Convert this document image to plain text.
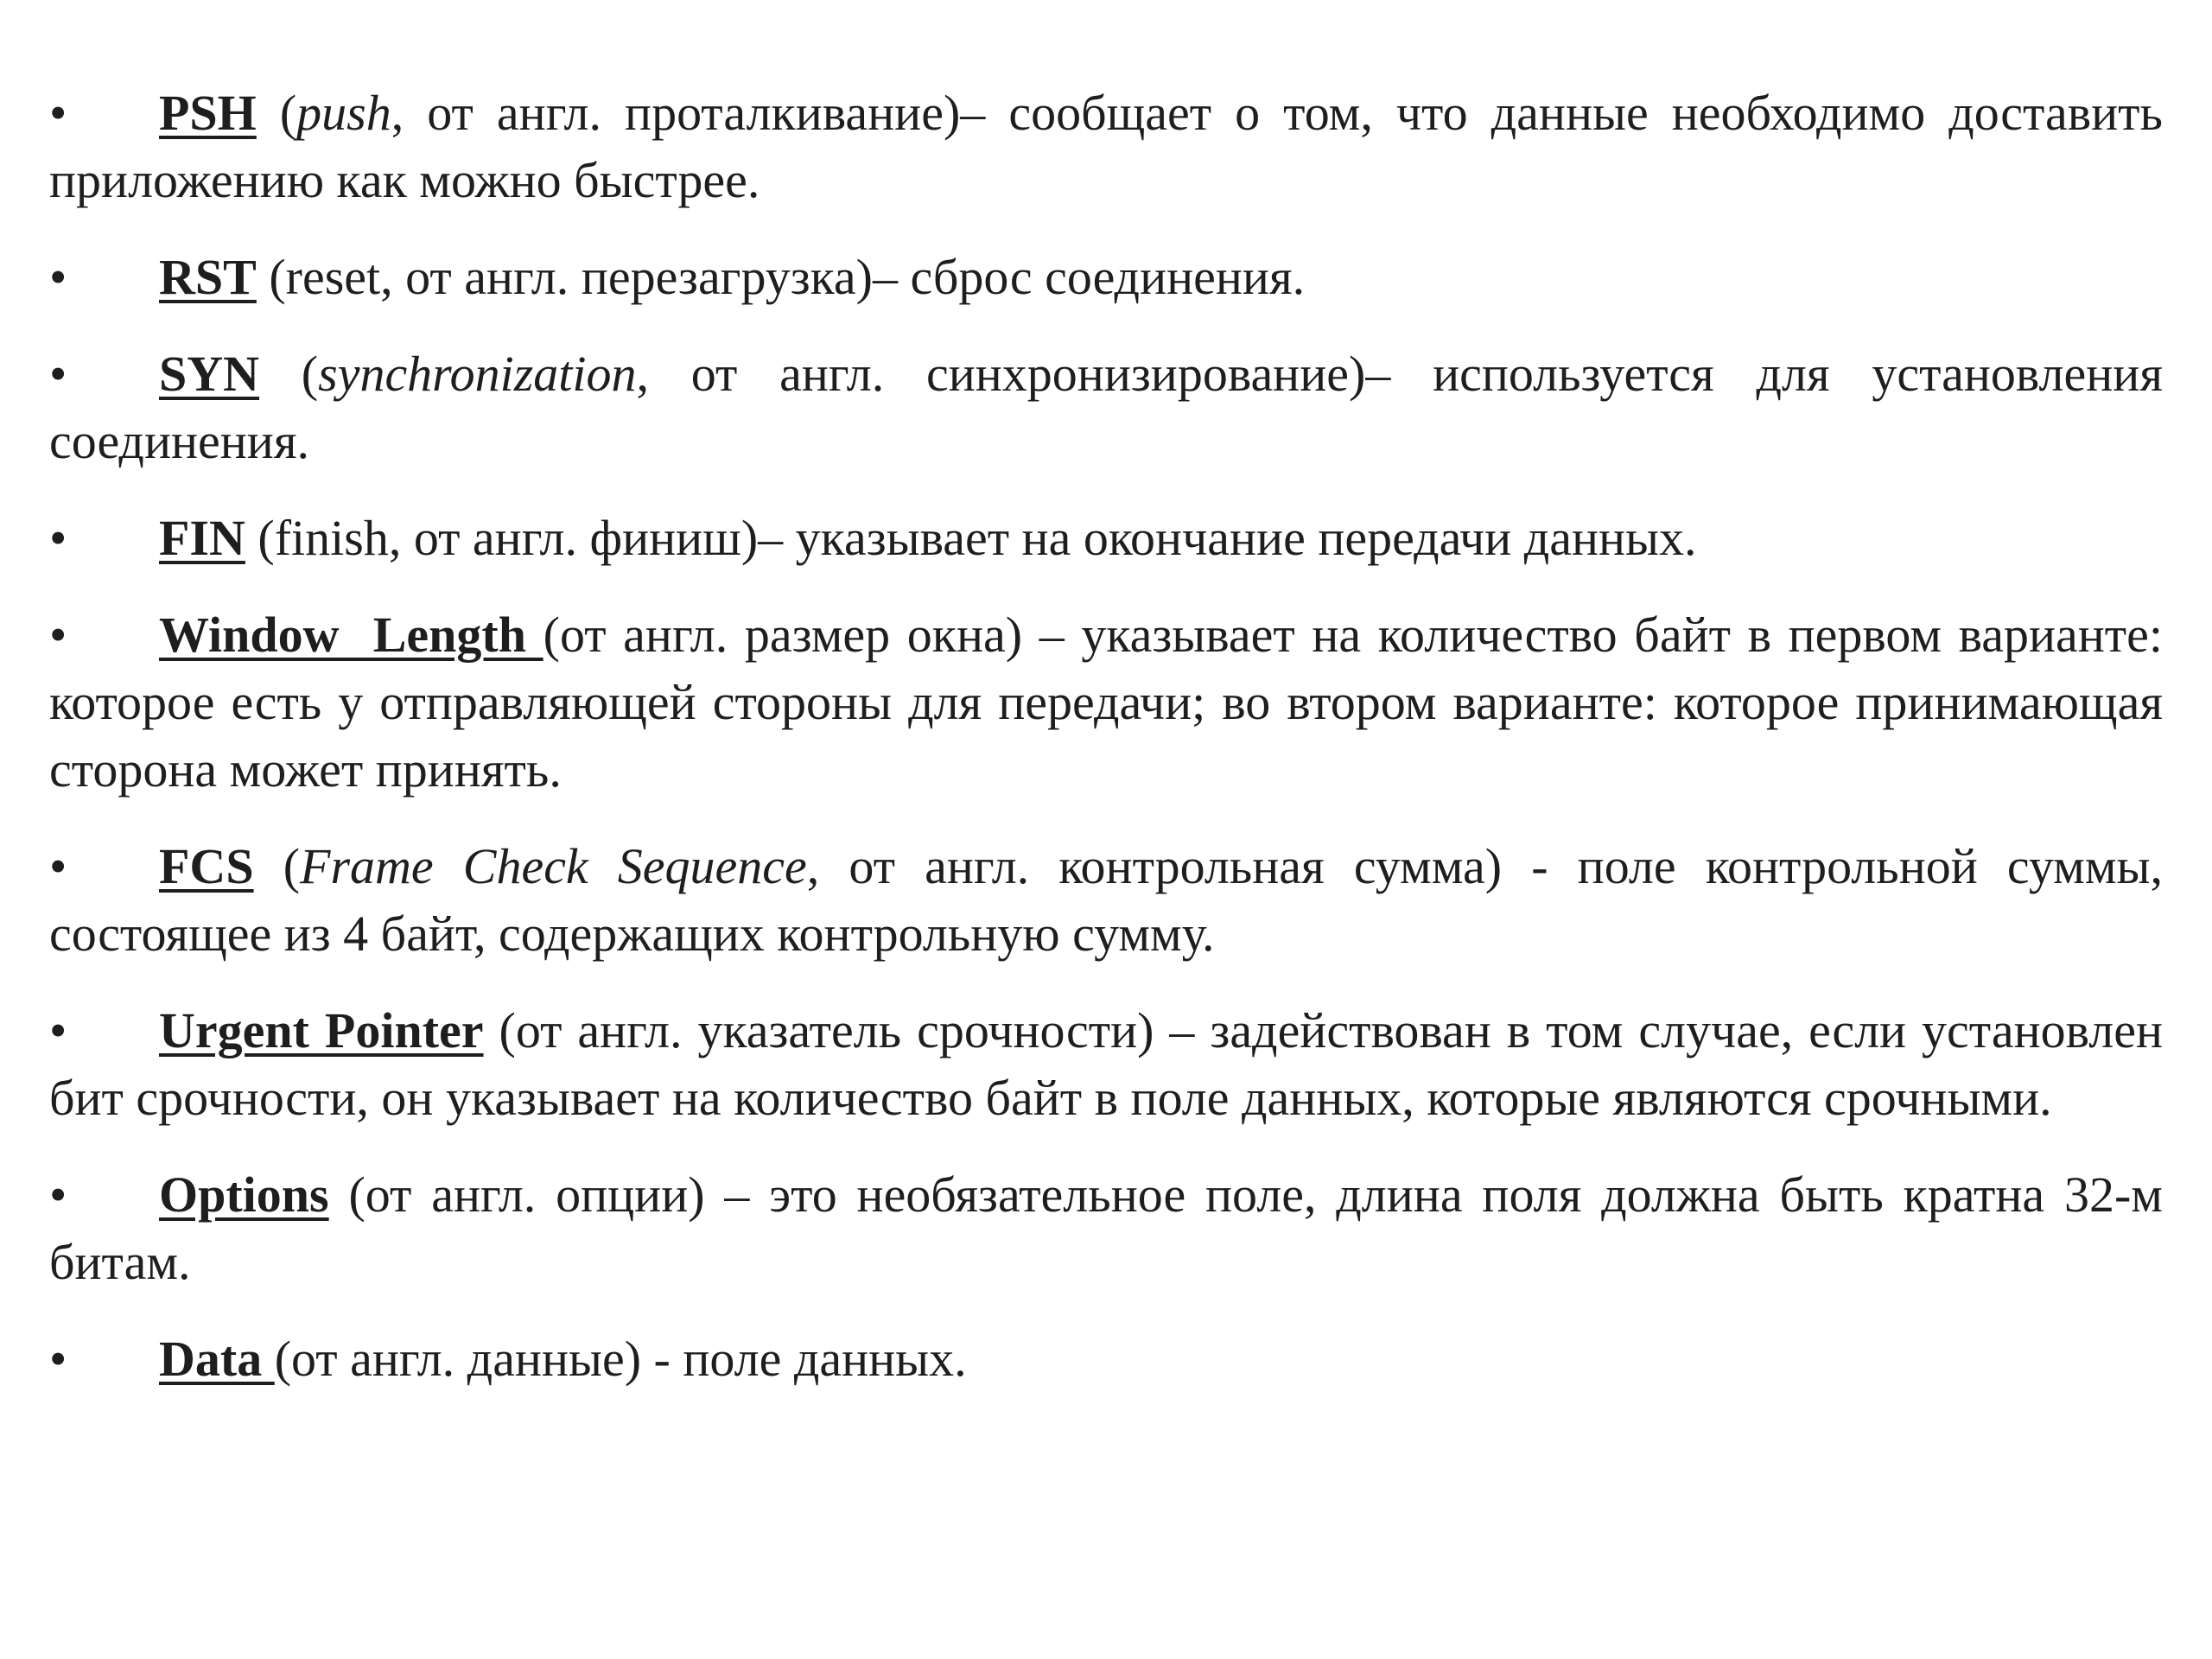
• PSH (push, от англ. проталкивание)– сообщает о том, что данные необходимо доставить приложению как можно быстрее.

• RST (reset, от англ. перезагрузка)– сброс соединения.

• SYN (synchronization, от англ. синхронизирование)– используется для установления соединения.

• FIN (finish, от англ. финиш)– указывает на окончание передачи данных.

• Window  Length (от англ. размер окна) – указывает на количество байт в первом варианте: которое есть у отправляющей стороны для передачи; во втором варианте: которое принимающая сторона может принять.

• FCS (Frame Check Sequence, от англ. контрольная сумма) - поле контрольной суммы, состоящее из 4 байт, содержащих контрольную сумму.

• Urgent Pointer (от англ. указатель срочности) – задействован в том случае, если установлен бит срочности, он указывает на количество байт в поле данных, которые являются срочными.

• Options (от англ. опции) – это необязательное поле, длина поля должна быть кратна 32-м битам.

• Data (от англ. данные) - поле данных.
